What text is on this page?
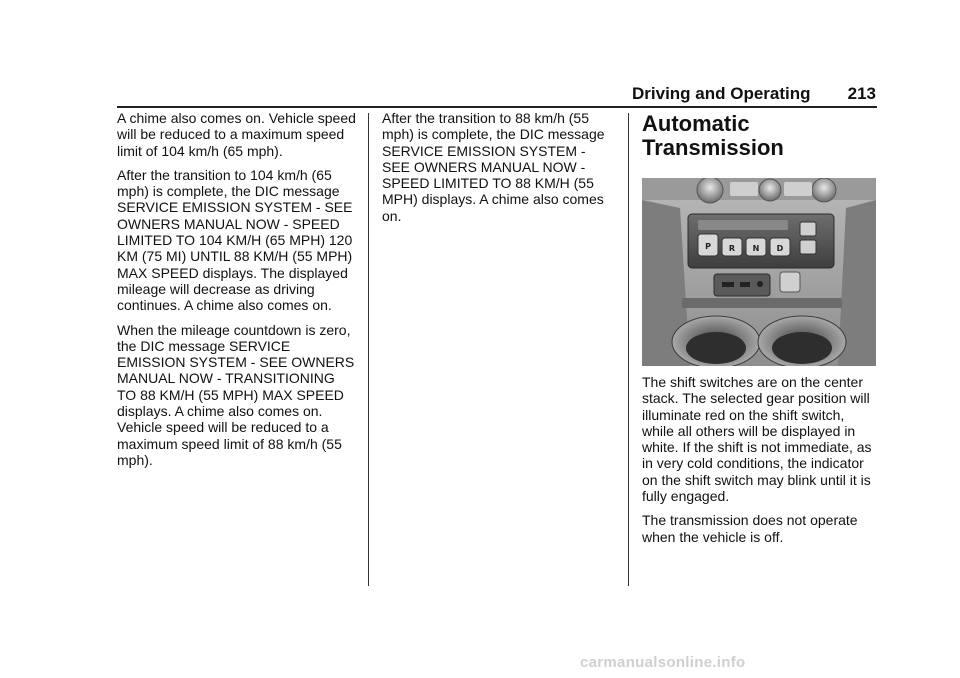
Driving and Operating 213

A chime also comes on. Vehicle speed will be reduced to a maximum speed limit of 104 km/h (65 mph).

After the transition to 104 km/h (65 mph) is complete, the DIC message SERVICE EMISSION SYSTEM - SEE OWNERS MANUAL NOW - SPEED LIMITED TO 104 KM/H (65 MPH) 120 KM (75 MI) UNTIL 88 KM/H (55 MPH) MAX SPEED displays. The displayed mileage will decrease as driving continues. A chime also comes on.

When the mileage countdown is zero, the DIC message SERVICE EMISSION SYSTEM - SEE OWNERS MANUAL NOW - TRANSITIONING TO 88 KM/H (55 MPH) MAX SPEED displays. A chime also comes on. Vehicle speed will be reduced to a maximum speed limit of 88 km/h (55 mph).

After the transition to 88 km/h (55 mph) is complete, the DIC message SERVICE EMISSION SYSTEM - SEE OWNERS MANUAL NOW - SPEED LIMITED TO 88 KM/H (55 MPH) displays. A chime also comes on.

Automatic
Transmission
P R N D

The shift switches are on the center stack. The selected gear position will illuminate red on the shift switch, while all others will be displayed in white. If the shift is not immediate, as in very cold conditions, the indicator on the shift switch may blink until it is fully engaged.

The transmission does not operate when the vehicle is off.

carmanualsonline.info
